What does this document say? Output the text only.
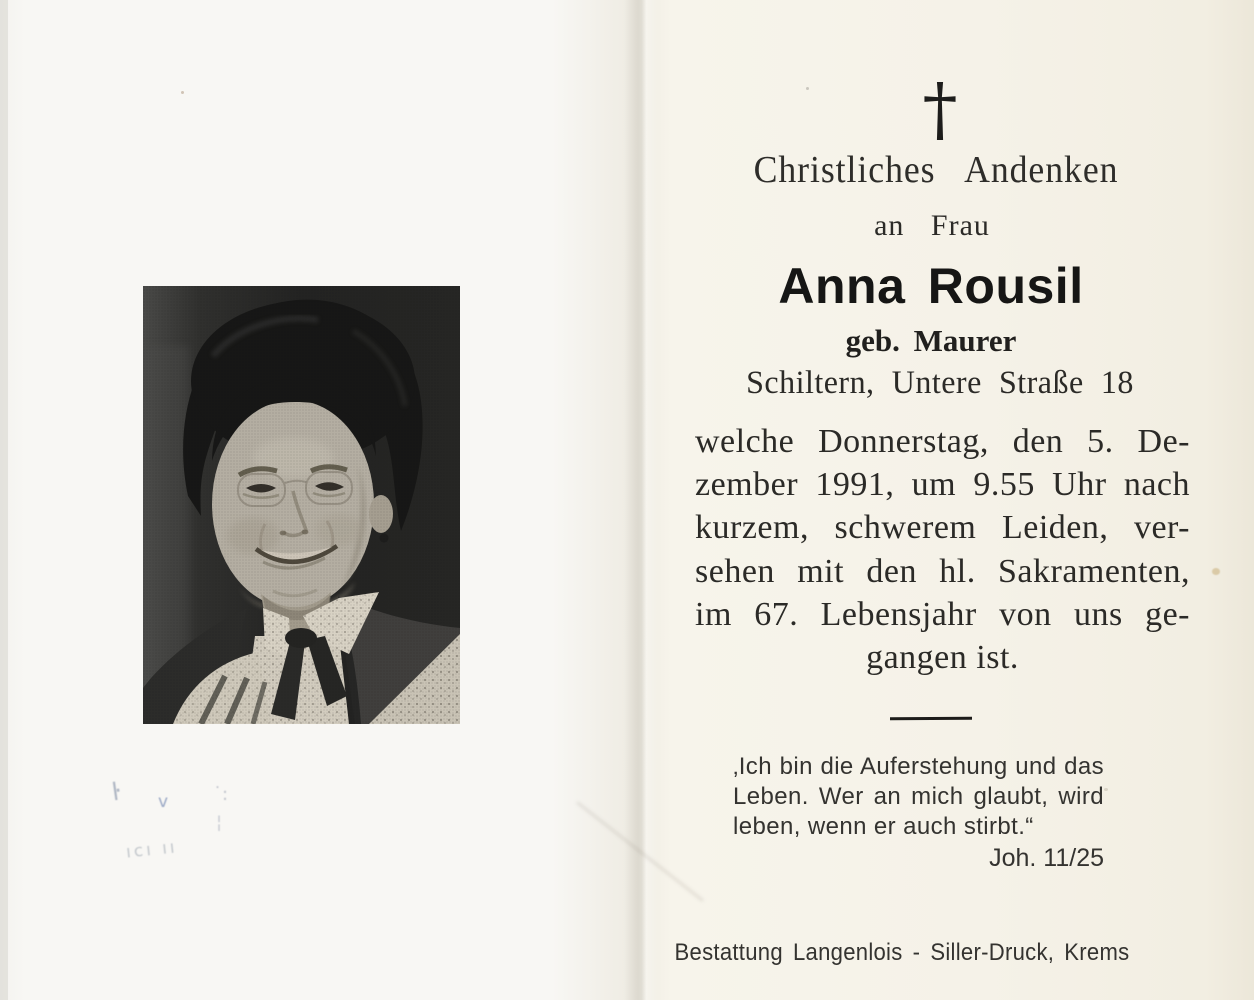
ŀ v ˙:
¦
ıcı ıı
†
Christliches Andenken
an Frau
Anna Rousil
geb. Maurer
Schiltern, Untere Straße 18
welche Donnerstag, den 5. De-
zember 1991, um 9.55 Uhr nach
kurzem, schwerem Leiden, ver-
sehen mit den hl. Sakramenten,
im 67. Lebensjahr von uns ge-
gangen ist.
‚Ich bin die Auferstehung und das
Leben. Wer an mich glaubt, wird
leben, wenn er auch stirbt.“
Joh. 11/25
Bestattung Langenlois - Siller-Druck, Krems
